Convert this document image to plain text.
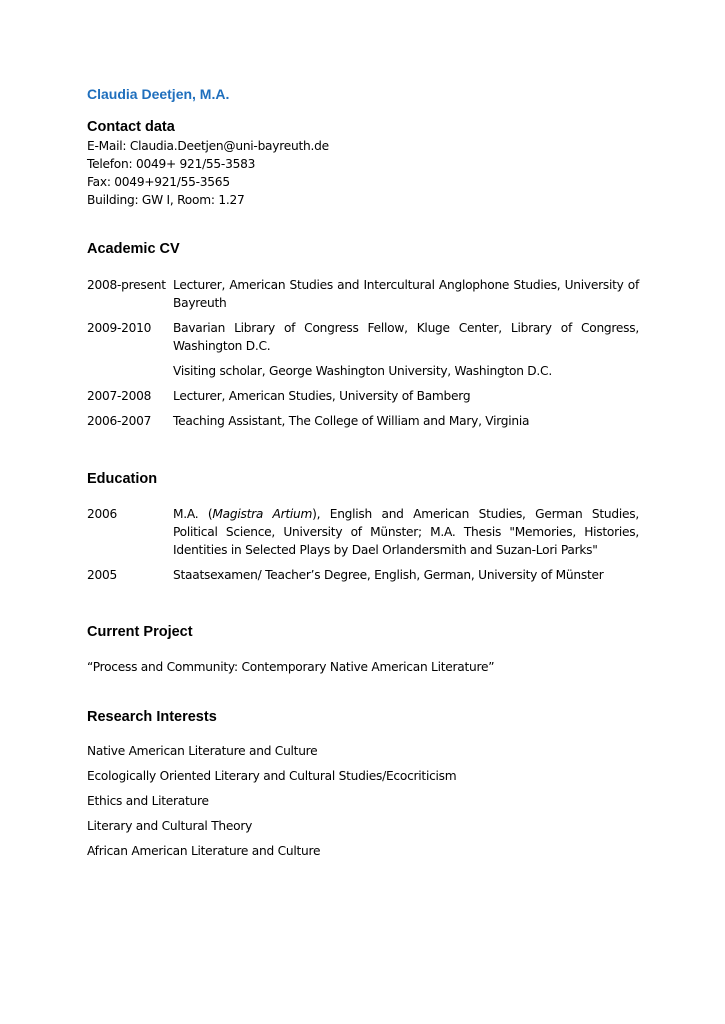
Claudia Deetjen, M.A.
Contact data
E-Mail: Claudia.Deetjen@uni-bayreuth.de
Telefon: 0049+ 921/55-3583
Fax: 0049+921/55-3565
Building: GW I, Room: 1.27
Academic CV
2008-present Lecturer, American Studies and Intercultural Anglophone Studies, University of Bayreuth
2009-2010	Bavarian Library of Congress Fellow, Kluge Center, Library of Congress, Washington D.C.
Visiting scholar, George Washington University, Washington D.C.
2007-2008	Lecturer, American Studies, University of Bamberg
2006-2007	Teaching Assistant, The College of William and Mary, Virginia
Education
2006	M.A. (Magistra Artium), English and American Studies, German Studies, Political Science, University of Münster; M.A. Thesis "Memories, Histories, Identities in Selected Plays by Dael Orlandersmith and Suzan-Lori Parks"
2005	Staatsexamen/ Teacher’s Degree, English, German, University of Münster
Current Project
“Process and Community: Contemporary Native American Literature”
Research Interests
Native American Literature and Culture
Ecologically Oriented Literary and Cultural Studies/Ecocriticism
Ethics and Literature
Literary and Cultural Theory
African American Literature and Culture
